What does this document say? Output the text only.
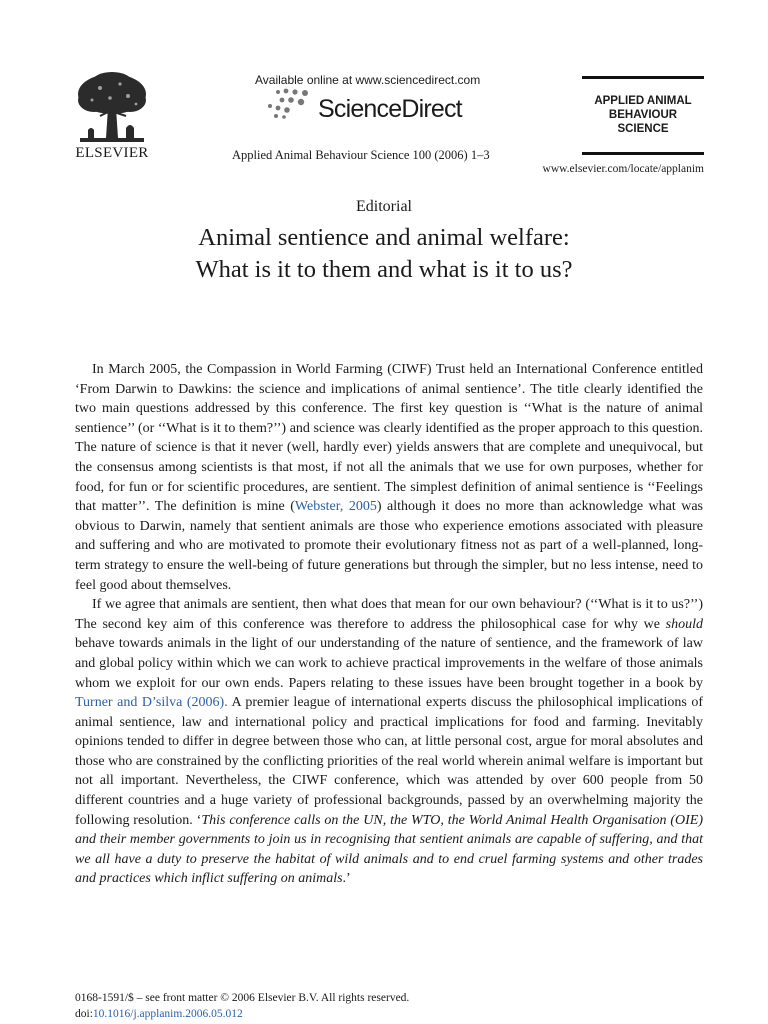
ELSEVIER
Available online at www.sciencedirect.com
ScienceDirect
Applied Animal Behaviour Science 100 (2006) 1–3
APPLIED ANIMAL
BEHAVIOUR
SCIENCE
www.elsevier.com/locate/applanim
Editorial
Animal sentience and animal welfare:
What is it to them and what is it to us?

In March 2005, the Compassion in World Farming (CIWF) Trust held an International Conference entitled ‘From Darwin to Dawkins: the science and implications of animal sentience’. The title clearly identified the two main questions addressed by this conference. The first key question is ‘‘What is the nature of animal sentience’’ (or ‘‘What is it to them?’’) and science was clearly identified as the proper approach to this question. The nature of science is that it never (well, hardly ever) yields answers that are complete and unequivocal, but the consensus among scientists is that most, if not all the animals that we use for own purposes, whether for food, for fun or for scientific procedures, are sentient. The simplest definition of animal sentience is ‘‘Feelings that matter’’. The definition is mine (Webster, 2005) although it does no more than acknowledge what was obvious to Darwin, namely that sentient animals are those who experience emotions associated with pleasure and suffering and who are motivated to promote their evolutionary fitness not as part of a well-planned, long-term strategy to ensure the well-being of future generations but through the simpler, but no less intense, need to feel good about themselves.

If we agree that animals are sentient, then what does that mean for our own behaviour? (‘‘What is it to us?’’) The second key aim of this conference was therefore to address the philosophical case for why we should behave towards animals in the light of our understanding of the nature of sentience, and the framework of law and global policy within which we can work to achieve practical improvements in the welfare of those animals whom we exploit for our own ends. Papers relating to these issues have been brought together in a book by Turner and D’silva (2006). A premier league of international experts discuss the philosophical implications of animal sentience, law and international policy and practical implications for food and farming. Inevitably opinions tended to differ in degree between those who can, at little personal cost, argue for moral absolutes and those who are constrained by the conflicting priorities of the real world wherein animal welfare is important but not all important. Nevertheless, the CIWF conference, which was attended by over 600 people from 50 different countries and a huge variety of professional backgrounds, passed by an overwhelming majority the following resolution. ‘This conference calls on the UN, the WTO, the World Animal Health Organisation (OIE) and their member governments to join us in recognising that sentient animals are capable of suffering, and that we all have a duty to preserve the habitat of wild animals and to end cruel farming systems and other trades and practices which inflict suffering on animals.’

0168-1591/$ – see front matter © 2006 Elsevier B.V. All rights reserved.
doi:10.1016/j.applanim.2006.05.012
